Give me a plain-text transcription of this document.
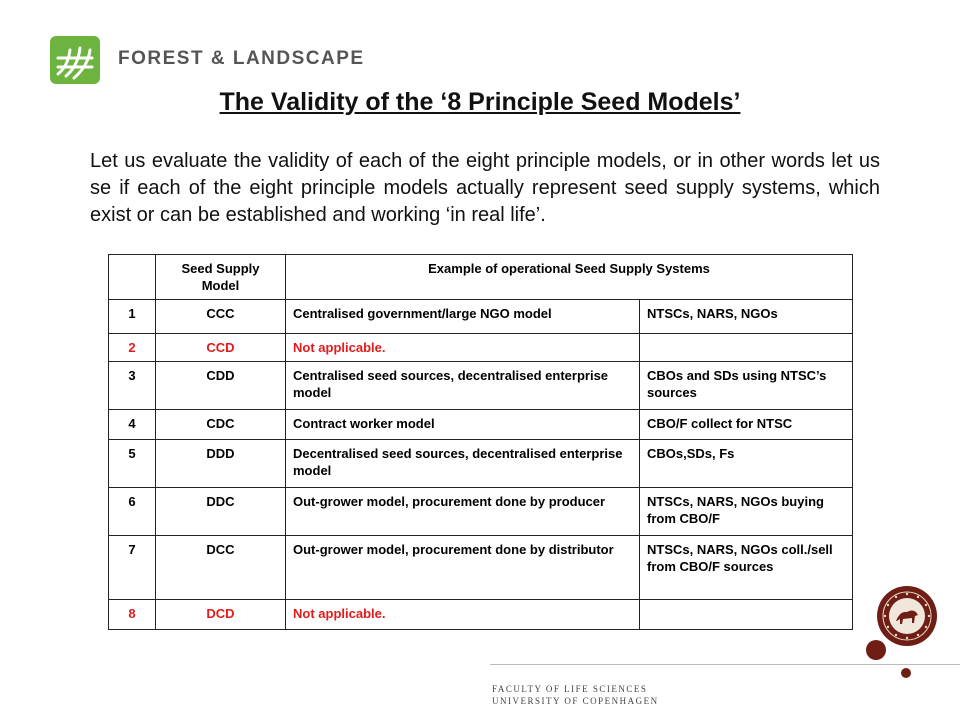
FOREST & LANDSCAPE
The Validity of the ‘8 Principle Seed Models’
Let us evaluate the validity of each of the eight principle models, or in other words let us se if each of the eight principle models actually represent seed supply systems, which exist or can be established and working ‘in real life’.
	Seed Supply Model	Example of operational Seed Supply Systems	
1	CCC	Centralised government/large NGO model	NTSCs, NARS, NGOs
2	CCD	Not applicable.	
3	CDD	Centralised seed sources, decentralised enterprise model	CBOs and SDs using NTSC’s sources
4	CDC	Contract worker model	CBO/F collect for NTSC
5	DDD	Decentralised seed sources, decentralised enterprise model	CBOs,SDs, Fs
6	DDC	Out-grower model, procurement done by producer	NTSCs, NARS, NGOs buying from CBO/F
7	DCC	Out-grower model, procurement done by distributor	NTSCs, NARS, NGOs coll./sell from CBO/F sources
8	DCD	Not applicable.	
FACULTY OF LIFE SCIENCES
UNIVERSITY OF COPENHAGEN
